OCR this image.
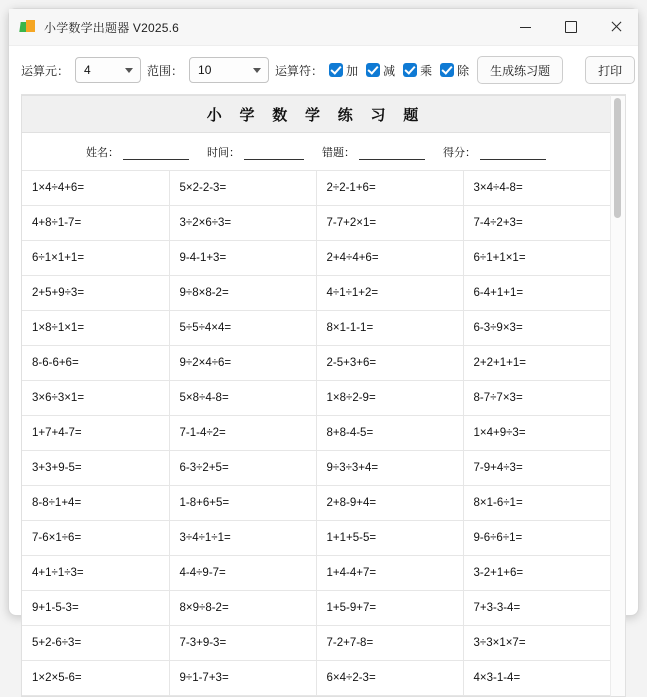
小学数学出题器 V2025.6
运算元： 4	范围： 10	运算符： 加 减 乘 除	生成练习题	打印
小 学 数 学 练 习 题
姓名：	时间：	错题：	得分：
1×4÷4+6=	5×2-2-3=	2÷2-1+6=	3×4÷4-8=
4+8÷1-7=	3÷2×6÷3=	7-7+2×1=	7-4÷2+3=
6÷1×1+1=	9-4-1+3=	2+4÷4+6=	6÷1+1×1=
2+5+9÷3=	9÷8×8-2=	4÷1÷1+2=	6-4+1+1=
1×8÷1×1=	5÷5÷4×4=	8×1-1-1=	6-3÷9×3=
8-6-6+6=	9÷2×4÷6=	2-5+3+6=	2+2+1+1=
3×6÷3×1=	5×8÷4-8=	1×8÷2-9=	8-7÷7×3=
1+7+4-7=	7-1-4÷2=	8+8-4-5=	1×4+9÷3=
3+3+9-5=	6-3÷2+5=	9÷3÷3+4=	7-9+4÷3=
8-8÷1+4=	1-8+6+5=	2+8-9+4=	8×1-6÷1=
7-6×1÷6=	3÷4÷1÷1=	1+1+5-5=	9-6÷6÷1=
4+1÷1÷3=	4-4÷9-7=	1+4-4+7=	3-2+1+6=
9+1-5-3=	8×9÷8-2=	1+5-9+7=	7+3-3-4=
5+2-6÷3=	7-3+9-3=	7-2+7-8=	3÷3×1×7=
1×2×5-6=	9÷1-7+3=	6×4÷2-3=	4×3-1-4=
